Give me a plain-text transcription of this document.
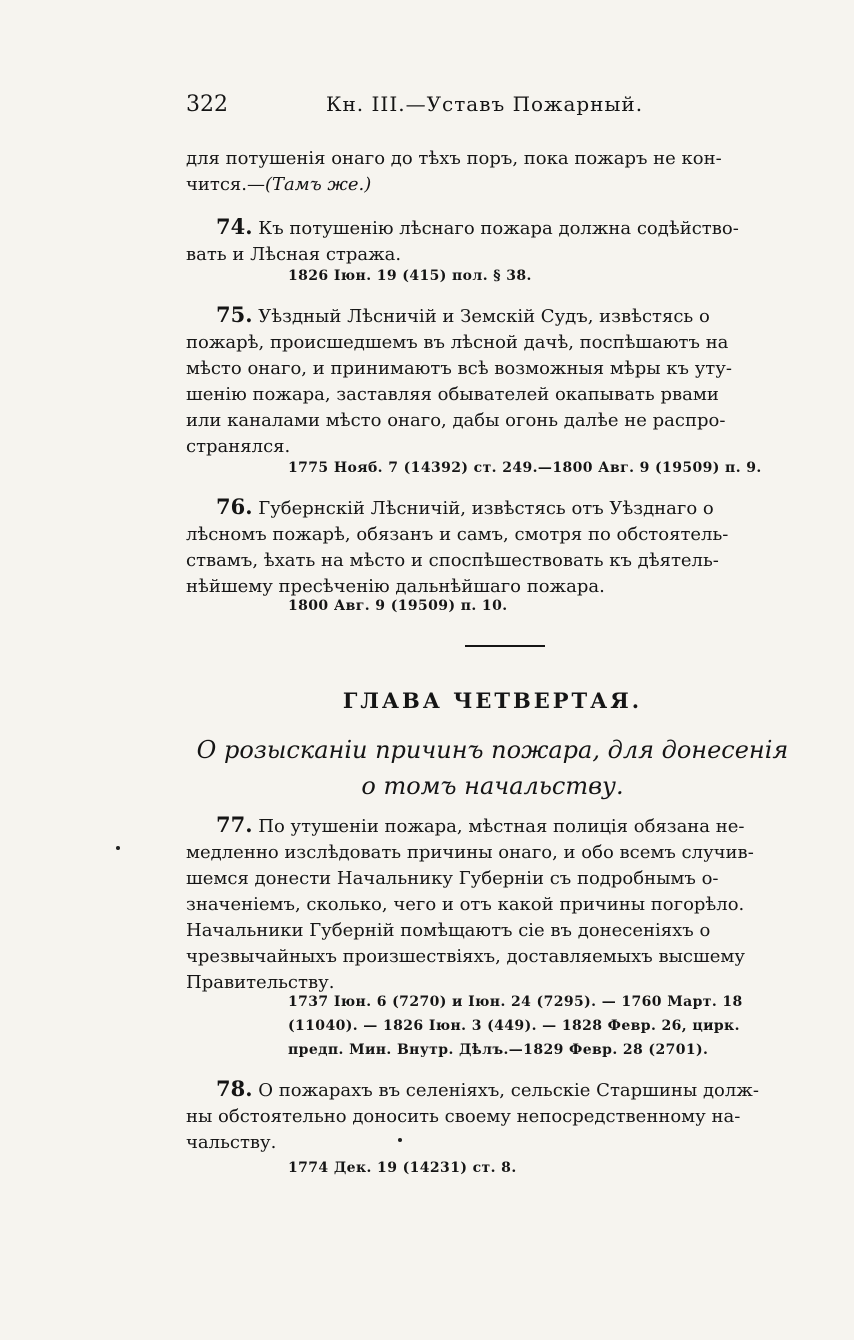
322	Кн. III.—Уставъ Пожарный.
для потушенія онаго до тѣхъ поръ, пока пожаръ не кон-
чится.—(Тамъ же.)
74. Къ потушенію лѣснаго пожара должна содѣйство-
вать и Лѣсная стража.
1826 Іюн. 19 (415) пол. § 38.
75. Уѣздный Лѣсничій и Земскій Судъ, извѣстясь о
пожарѣ, происшедшемъ въ лѣсной дачѣ, поспѣшаютъ на
мѣсто онаго, и принимаютъ всѣ возможныя мѣры къ уту-
шенію пожара, заставляя обывателей окапывать рвами
или каналами мѣсто онаго, дабы огонь далѣе не распро-
странялся.
1775 Нояб. 7 (14392) ст. 249.—1800 Авг. 9 (19509) п. 9.
76. Губернскій Лѣсничій, извѣстясь отъ Уѣзднаго о
лѣсномъ пожарѣ, обязанъ и самъ, смотря по обстоятель-
ствамъ, ѣхать на мѣсто и споспѣшествовать къ дѣятель-
нѣйшему пресѣченію дальнѣйшаго пожара.
1800 Авг. 9 (19509) п. 10.
ГЛАВА ЧЕТВЕРТАЯ.
О розысканіи причинъ пожара, для донесенія
о томъ начальству.
77. По утушеніи пожара, мѣстная полиція обязана не-
медленно изслѣдовать причины онаго, и обо всемъ случив-
шемся донести Начальнику Губерніи съ подробнымъ о-
значеніемъ, сколько, чего и отъ какой причины погорѣло.
Начальники Губерній помѣщаютъ сіе въ донесеніяхъ о
чрезвычайныхъ произшествіяхъ, доставляемыхъ высшему
Правительству.
1737 Іюн. 6 (7270) и Іюн. 24 (7295). — 1760 Март. 18
(11040). — 1826 Іюн. 3 (449). — 1828 Февр. 26, цирк.
предп. Мин. Внутр. Дѣлъ.—1829 Февр. 28 (2701).
78. О пожарахъ въ селеніяхъ, сельскіе Старшины долж-
ны обстоятельно доносить своему непосредственному на-
чальству.
1774 Дек. 19 (14231) ст. 8.
